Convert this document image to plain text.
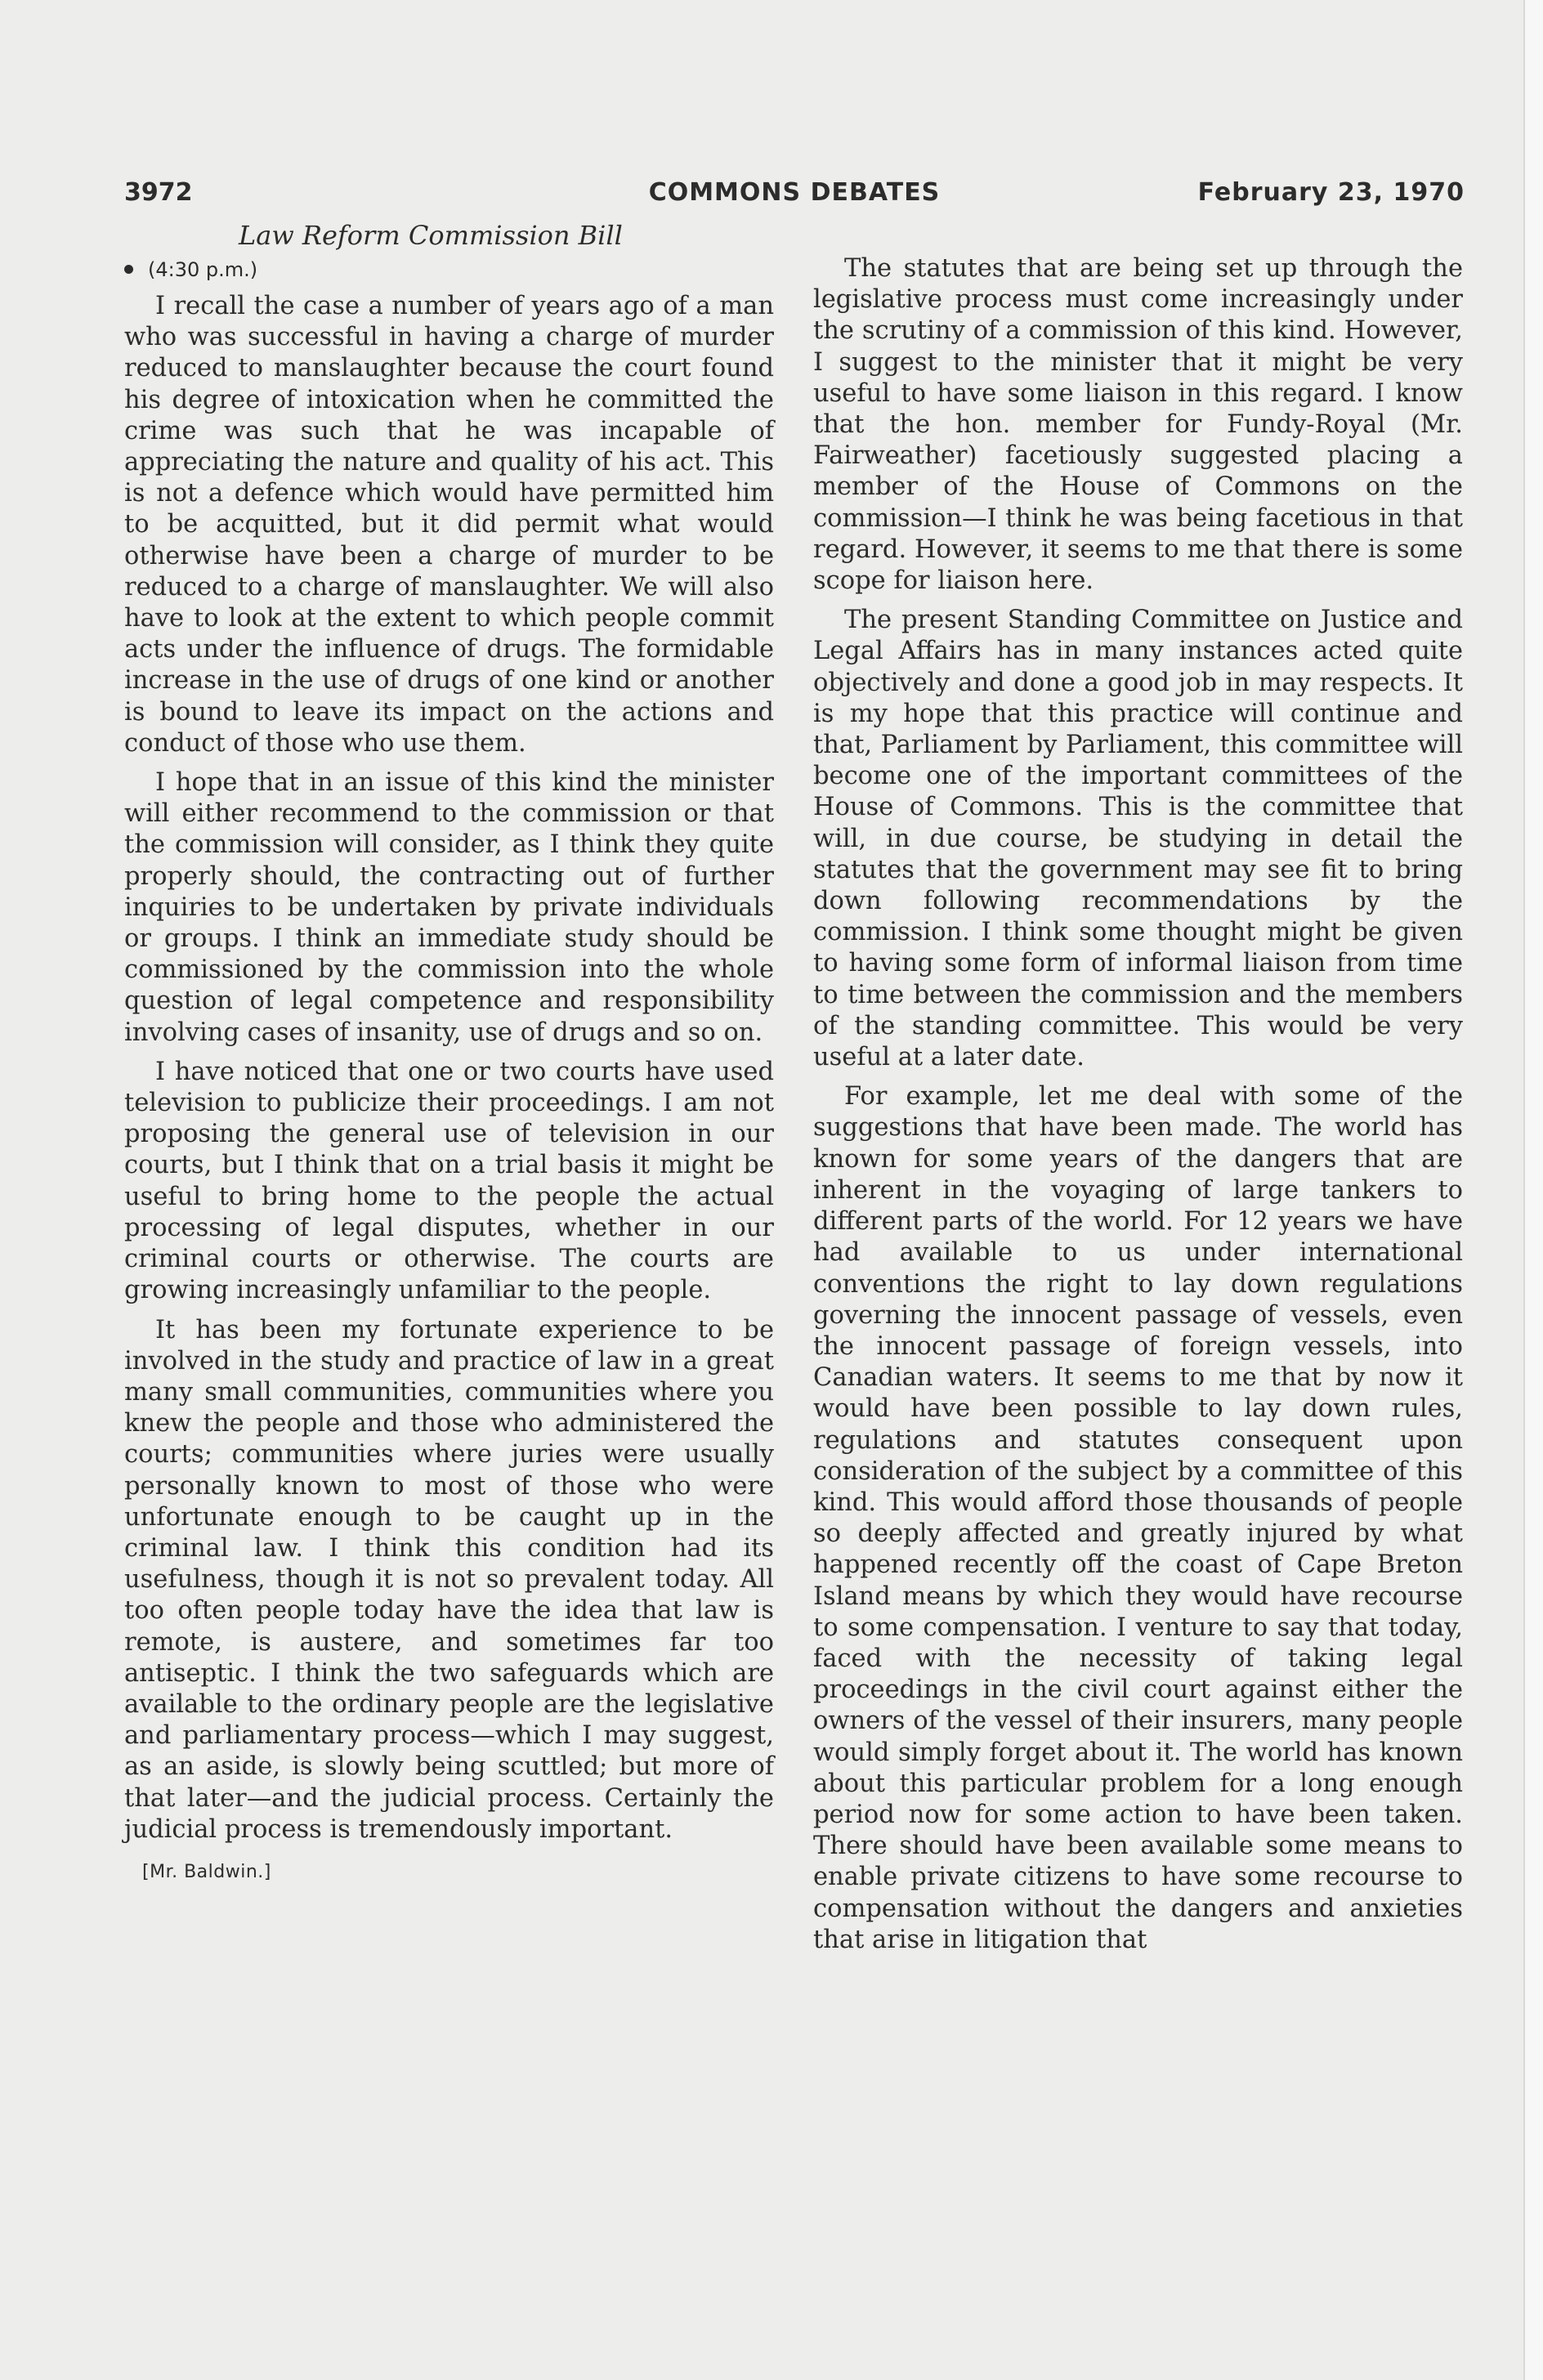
3972	COMMONS DEBATES	February 23, 1970
Law Reform Commission Bill
(4:30 p.m.)

I recall the case a number of years ago of a man who was successful in having a charge of murder reduced to manslaughter because the court found his degree of intoxication when he committed the crime was such that he was incapable of appreciating the nature and quality of his act. This is not a defence which would have permitted him to be acquitted, but it did permit what would otherwise have been a charge of murder to be reduced to a charge of manslaughter. We will also have to look at the extent to which people commit acts under the influence of drugs. The formidable increase in the use of drugs of one kind or another is bound to leave its impact on the actions and conduct of those who use them.

I hope that in an issue of this kind the minister will either recommend to the commission or that the commission will consider, as I think they quite properly should, the contracting out of further inquiries to be undertaken by private individuals or groups. I think an immediate study should be commissioned by the commission into the whole question of legal competence and responsibility involving cases of insanity, use of drugs and so on.

I have noticed that one or two courts have used television to publicize their proceedings. I am not proposing the general use of television in our courts, but I think that on a trial basis it might be useful to bring home to the people the actual processing of legal disputes, whether in our criminal courts or otherwise. The courts are growing increasingly unfamiliar to the people.

It has been my fortunate experience to be involved in the study and practice of law in a great many small communities, communities where you knew the people and those who administered the courts; communities where juries were usually personally known to most of those who were unfortunate enough to be caught up in the criminal law. I think this condition had its usefulness, though it is not so prevalent today. All too often people today have the idea that law is remote, is austere, and sometimes far too antiseptic. I think the two safeguards which are available to the ordinary people are the legislative and parliamentary process—which I may suggest, as an aside, is slowly being scuttled; but more of that later—and the judicial process. Certainly the judicial process is tremendously important.

[Mr. Baldwin.]

The statutes that are being set up through the legislative process must come increasingly under the scrutiny of a commission of this kind. However, I suggest to the minister that it might be very useful to have some liaison in this regard. I know that the hon. member for Fundy-Royal (Mr. Fairweather) facetiously suggested placing a member of the House of Commons on the commission—I think he was being facetious in that regard. However, it seems to me that there is some scope for liaison here.

The present Standing Committee on Justice and Legal Affairs has in many instances acted quite objectively and done a good job in may respects. It is my hope that this practice will continue and that, Parliament by Parliament, this committee will become one of the important committees of the House of Commons. This is the committee that will, in due course, be studying in detail the statutes that the government may see fit to bring down following recommendations by the commission. I think some thought might be given to having some form of informal liaison from time to time between the commission and the members of the standing committee. This would be very useful at a later date.

For example, let me deal with some of the suggestions that have been made. The world has known for some years of the dangers that are inherent in the voyaging of large tankers to different parts of the world. For 12 years we have had available to us under international conventions the right to lay down regulations governing the innocent passage of vessels, even the innocent passage of foreign vessels, into Canadian waters. It seems to me that by now it would have been possible to lay down rules, regulations and statutes consequent upon consideration of the subject by a committee of this kind. This would afford those thousands of people so deeply affected and greatly injured by what happened recently off the coast of Cape Breton Island means by which they would have recourse to some compensation. I venture to say that today, faced with the necessity of taking legal proceedings in the civil court against either the owners of the vessel of their insurers, many people would simply forget about it. The world has known about this particular problem for a long enough period now for some action to have been taken. There should have been available some means to enable private citizens to have some recourse to compensation without the dangers and anxieties that arise in litigation that
